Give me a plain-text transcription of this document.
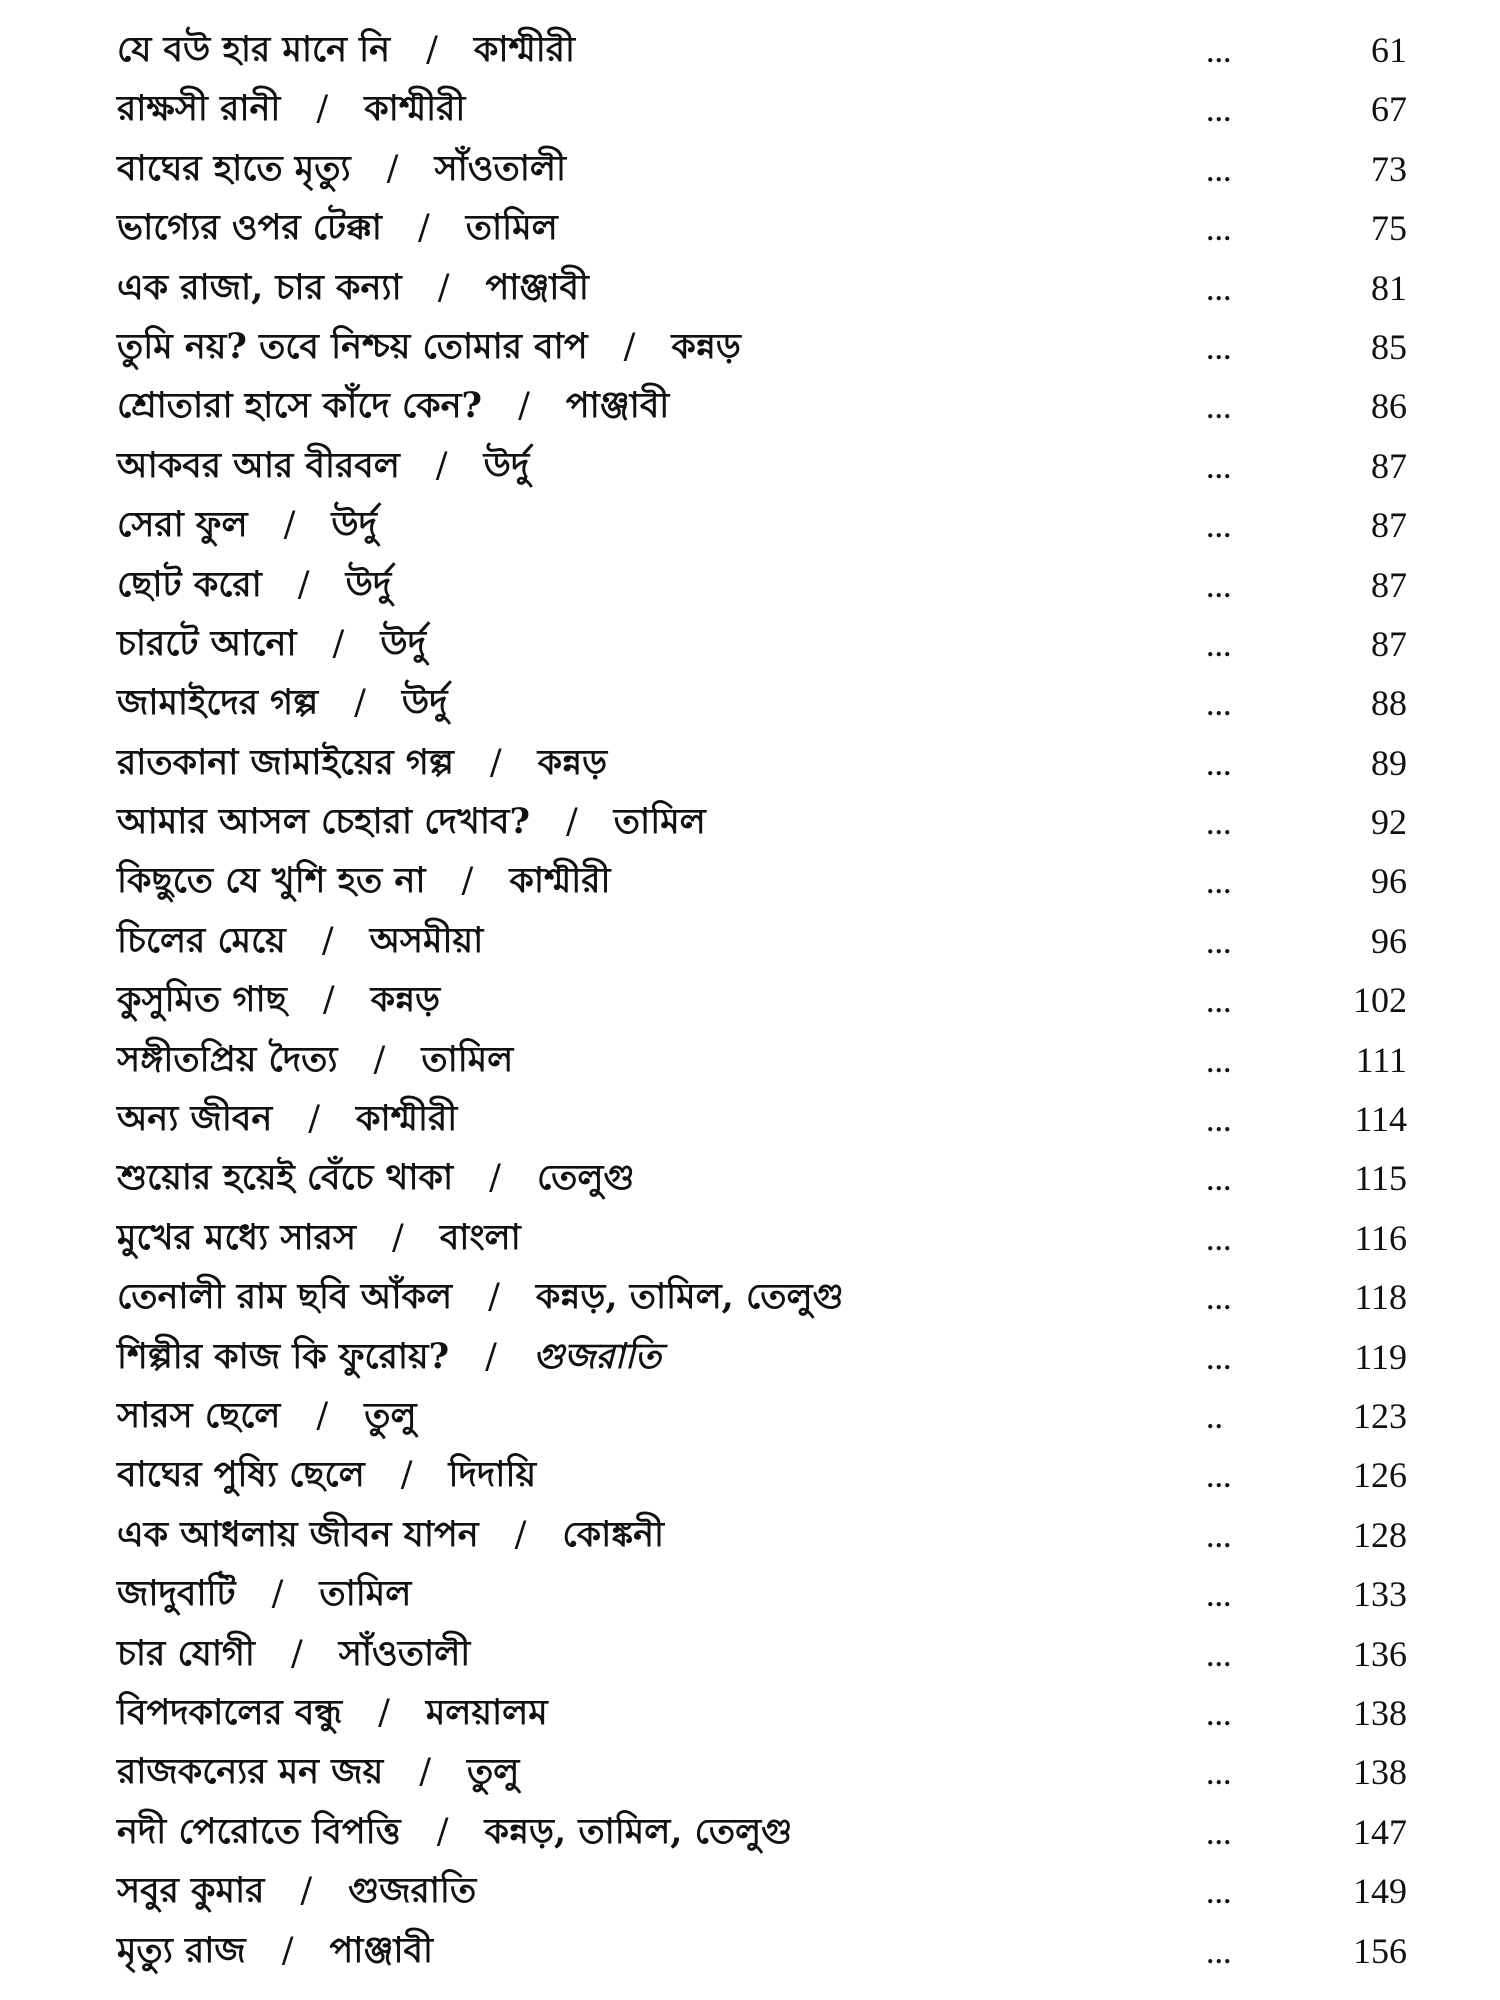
যে বউ হার মানে নি / কাশ্মীরী	...	61
রাক্ষসী রানী / কাশ্মীরী	...	67
বাঘের হাতে মৃত্যু / সাঁওতালী	...	73
ভাগ্যের ওপর টেক্কা / তামিল	...	75
এক রাজা, চার কন্যা / পাঞ্জাবী	...	81
তুমি নয়? তবে নিশ্চয় তোমার বাপ / কন্নড়	...	85
শ্রোতারা হাসে কাঁদে কেন? / পাঞ্জাবী	...	86
আকবর আর বীরবল / উর্দু	...	87
সেরা ফুল / উর্দু	...	87
ছোট করো / উর্দু	...	87
চারটে আনো / উর্দু	...	87
জামাইদের গল্প / উর্দু	...	88
রাতকানা জামাইয়ের গল্প / কন্নড়	...	89
আমার আসল চেহারা দেখাব? / তামিল	...	92
কিছুতে যে খুশি হত না / কাশ্মীরী	...	96
চিলের মেয়ে / অসমীয়া	...	96
কুসুমিত গাছ / কন্নড়	...	102
সঙ্গীতপ্রিয় দৈত্য / তামিল	...	111
অন্য জীবন / কাশ্মীরী	...	114
শুয়োর হয়েই বেঁচে থাকা / তেলুগু	...	115
মুখের মধ্যে সারস / বাংলা	...	116
তেনালী রাম ছবি আঁকল / কন্নড়, তামিল, তেলুগু	...	118
শিল্পীর কাজ কি ফুরোয়? / গুজরাতি	...	119
সারস ছেলে / তুলু	..	123
বাঘের পুষ্যি ছেলে / দিদায়ি	...	126
এক আধলায় জীবন যাপন / কোঙ্কনী	...	128
জাদুবাটি / তামিল	...	133
চার যোগী / সাঁওতালী	...	136
বিপদকালের বন্ধু / মলয়ালম	...	138
রাজকন্যের মন জয় / তুলু	...	138
নদী পেরোতে বিপত্তি / কন্নড়, তামিল, তেলুগু	...	147
সবুর কুমার / গুজরাতি	...	149
মৃত্যু রাজ / পাঞ্জাবী	...	156
